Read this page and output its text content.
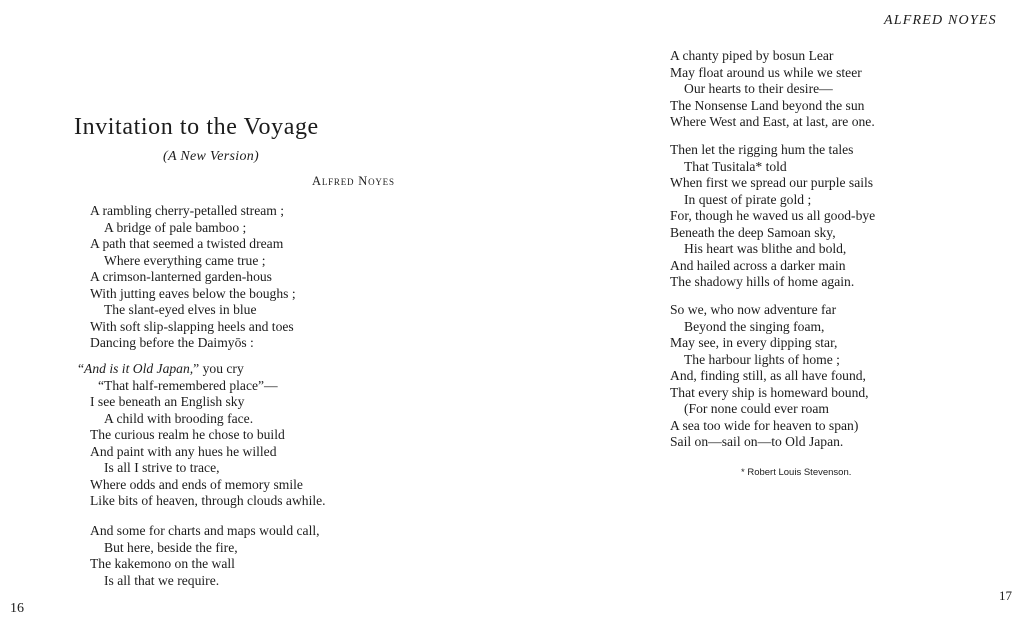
ALFRED NOYES
Invitation to the Voyage
(A New Version)
Alfred Noyes
A rambling cherry-petalled stream ;
A bridge of pale bamboo ;
A path that seemed a twisted dream
Where everything came true ;
A crimson-lanterned garden-hous
With jutting eaves below the boughs ;
The slant-eyed elves in blue
With soft slip-slapping heels and toes
Dancing before the Daimyōs :
“And is it Old Japan,” you cry
“That half-remembered place”—
I see beneath an English sky
A child with brooding face.
The curious realm he chose to build
And paint with any hues he willed
Is all I strive to trace,
Where odds and ends of memory smile
Like bits of heaven, through clouds awhile.
And some for charts and maps would call,
But here, beside the fire,
The kakemono on the wall
Is all that we require.
A chanty piped by bosun Lear
May float around us while we steer
Our hearts to their desire—
The Nonsense Land beyond the sun
Where West and East, at last, are one.
Then let the rigging hum the tales
That Tusitala* told
When first we spread our purple sails
In quest of pirate gold ;
For, though he waved us all good-bye
Beneath the deep Samoan sky,
His heart was blithe and bold,
And hailed across a darker main
The shadowy hills of home again.
So we, who now adventure far
Beyond the singing foam,
May see, in every dipping star,
The harbour lights of home ;
And, finding still, as all have found,
That every ship is homeward bound,
(For none could ever roam
A sea too wide for heaven to span)
Sail on—sail on—to Old Japan.
* Robert Louis Stevenson.
16
17
